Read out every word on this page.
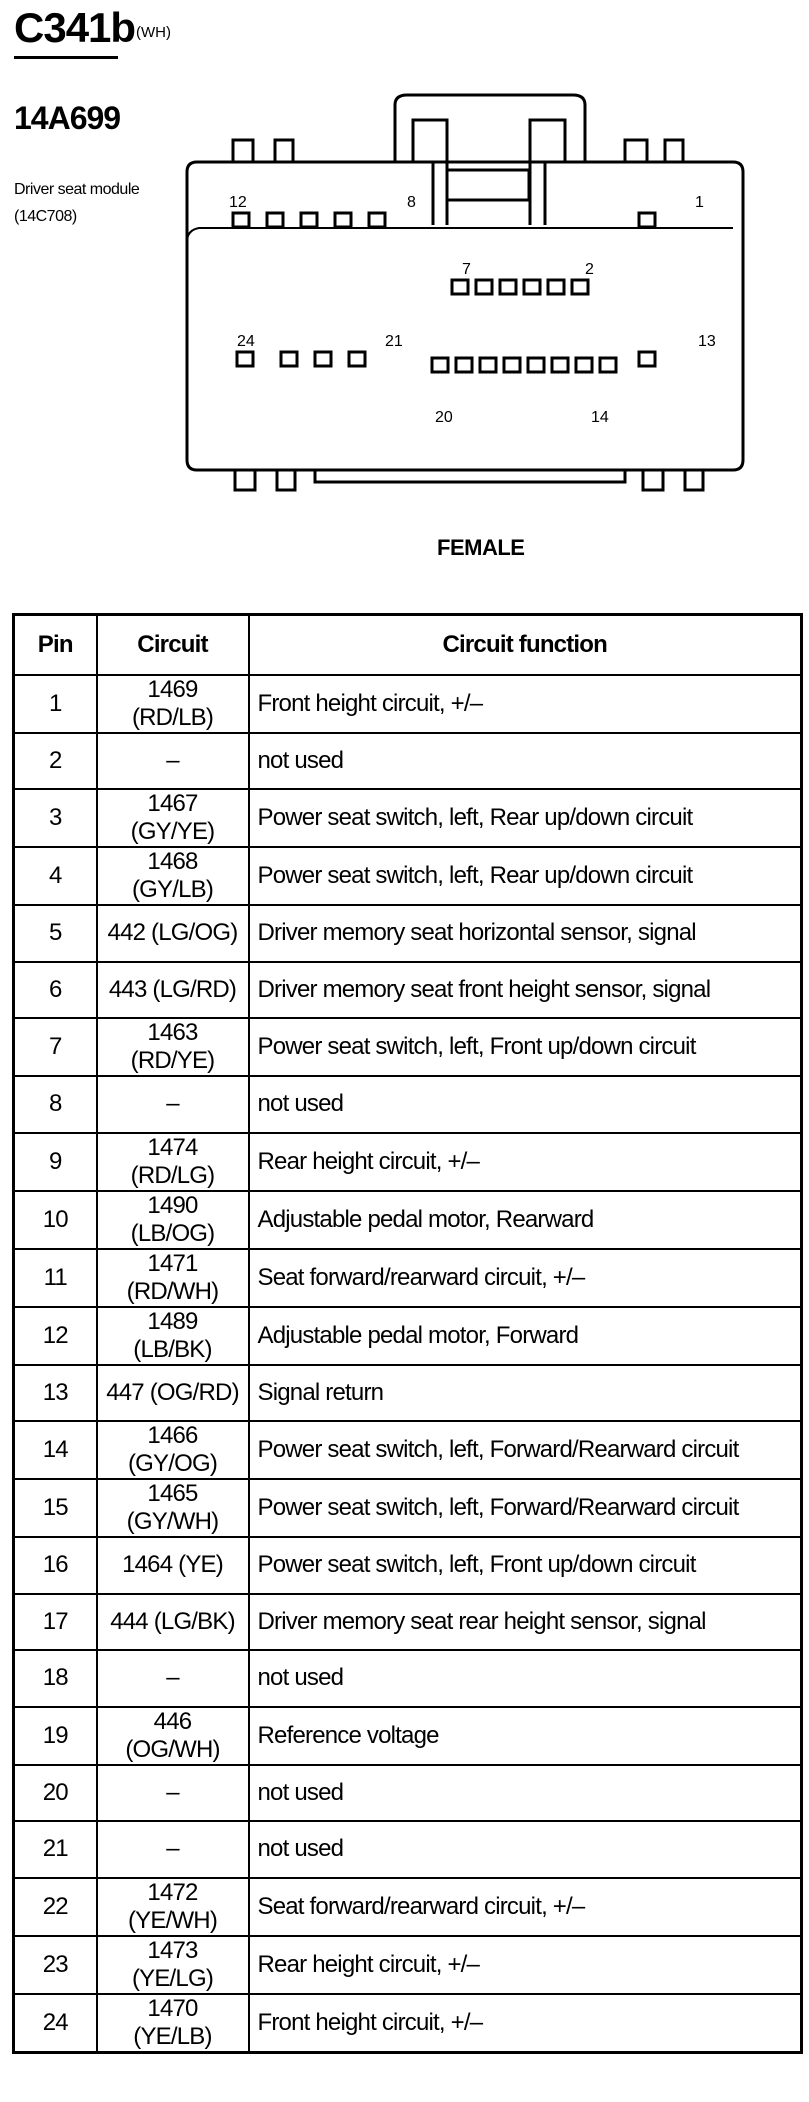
C341b (WH)
14A699
Driver seat module
(14C708)
12	8	1
7	2
24	21	13
20	14
FEMALE
Pin	Circuit	Circuit function
1	1469 (RD/LB)	Front height circuit, +/–
2	–	not used
3	1467 (GY/YE)	Power seat switch, left, Rear up/down circuit
4	1468 (GY/LB)	Power seat switch, left, Rear up/down circuit
5	442 (LG/OG)	Driver memory seat horizontal sensor, signal
6	443 (LG/RD)	Driver memory seat front height sensor, signal
7	1463 (RD/YE)	Power seat switch, left, Front up/down circuit
8	–	not used
9	1474 (RD/LG)	Rear height circuit, +/–
10	1490 (LB/OG)	Adjustable pedal motor, Rearward
11	1471 (RD/WH)	Seat forward/rearward circuit, +/–
12	1489 (LB/BK)	Adjustable pedal motor, Forward
13	447 (OG/RD)	Signal return
14	1466 (GY/OG)	Power seat switch, left, Forward/Rearward circuit
15	1465 (GY/WH)	Power seat switch, left, Forward/Rearward circuit
16	1464 (YE)	Power seat switch, left, Front up/down circuit
17	444 (LG/BK)	Driver memory seat rear height sensor, signal
18	–	not used
19	446 (OG/WH)	Reference voltage
20	–	not used
21	–	not used
22	1472 (YE/WH)	Seat forward/rearward circuit, +/–
23	1473 (YE/LG)	Rear height circuit, +/–
24	1470 (YE/LB)	Front height circuit, +/–
